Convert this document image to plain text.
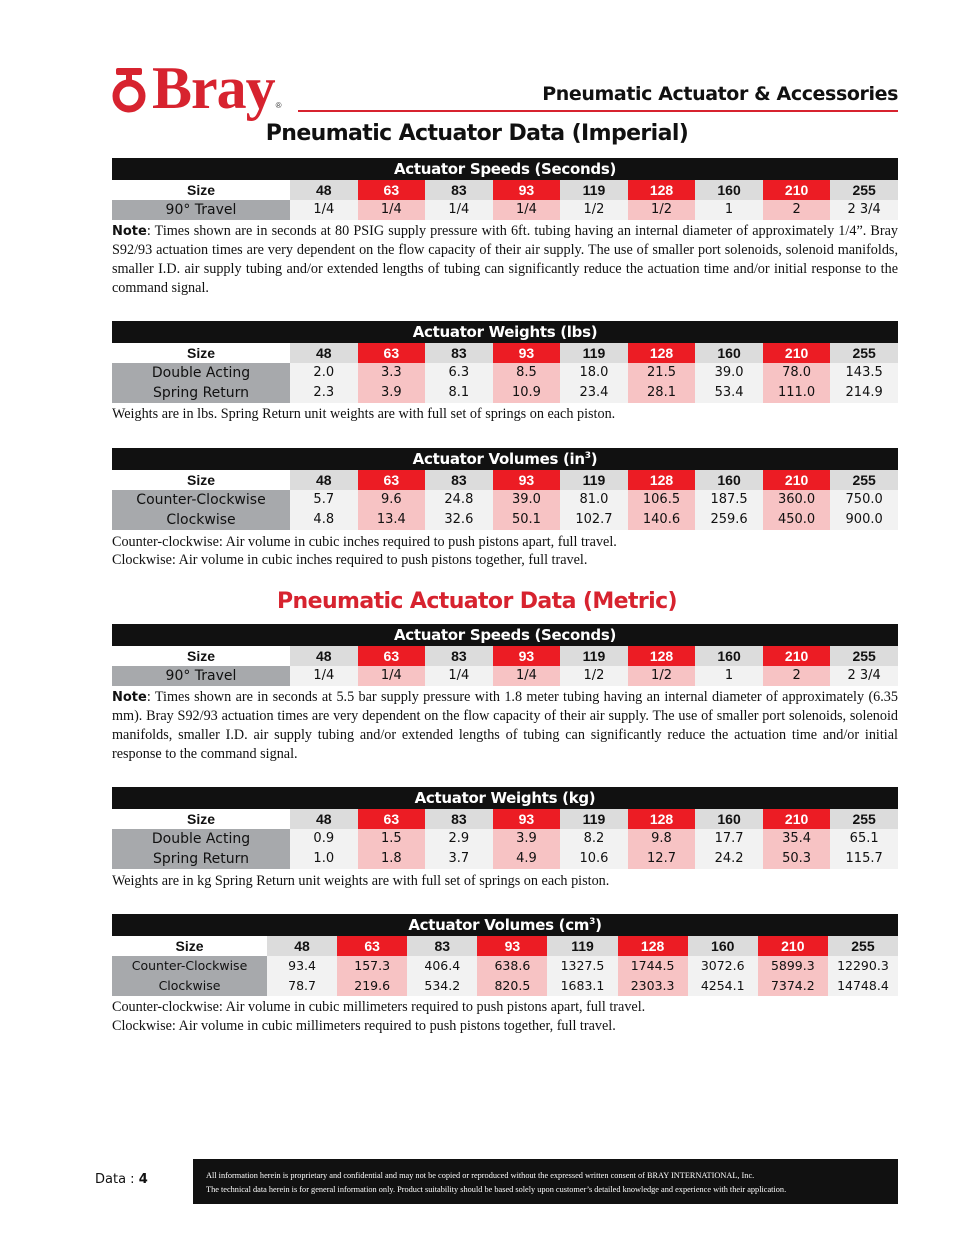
Bray ®
Pneumatic Actuator & Accessories
Pneumatic Actuator Data (Imperial)
Actuator Speeds (Seconds)
Size	48	63	83	93	119	128	160	210	255
90° Travel	1/4	1/4	1/4	1/4	1/2	1/2	1	2	2 3/4
Note: Times shown are in seconds at 80 PSIG supply pressure with 6ft. tubing having an internal diameter of approximately 1/4”. Bray S92/93 actuation times are very dependent on the flow capacity of their air supply. The use of smaller port solenoids, solenoid manifolds, smaller I.D. air supply tubing and/or extended lengths of tubing can significantly reduce the actuation time and/or initial response to the command signal.
Actuator Weights (lbs)
Size	48	63	83	93	119	128	160	210	255
Double Acting	2.0	3.3	6.3	8.5	18.0	21.5	39.0	78.0	143.5
Spring Return	2.3	3.9	8.1	10.9	23.4	28.1	53.4	111.0	214.9
Weights are in lbs. Spring Return unit weights are with full set of springs on each piston.
Actuator Volumes $(in^3)$
Size	48	63	83	93	119	128	160	210	255
Counter-Clockwise	5.7	9.6	24.8	39.0	81.0	106.5	187.5	360.0	750.0
Clockwise	4.8	13.4	32.6	50.1	102.7	140.6	259.6	450.0	900.0
Counter-clockwise: Air volume in cubic inches required to push pistons apart, full travel.
Clockwise: Air volume in cubic inches required to push pistons together, full travel.
Pneumatic Actuator Data (Metric)
Actuator Speeds (Seconds)
Size	48	63	83	93	119	128	160	210	255
90° Travel	1/4	1/4	1/4	1/4	1/2	1/2	1	2	2 3/4
Note: Times shown are in seconds at 5.5 bar supply pressure with 1.8 meter tubing having an internal diameter of approximately (6.35 mm). Bray S92/93 actuation times are very dependent on the flow capacity of their air supply. The use of smaller port solenoids, solenoid manifolds, smaller I.D. air supply tubing and/or extended lengths of tubing can significantly reduce the actuation time and/or initial response to the command signal.
Actuator Weights (kg)
Size	48	63	83	93	119	128	160	210	255
Double Acting	0.9	1.5	2.9	3.9	8.2	9.8	17.7	35.4	65.1
Spring Return	1.0	1.8	3.7	4.9	10.6	12.7	24.2	50.3	115.7
Weights are in kg Spring Return unit weights are with full set of springs on each piston.
Actuator Volumes $(cm^3)$
Size	48	63	83	93	119	128	160	210	255
Counter-Clockwise	93.4	157.3	406.4	638.6	1327.5	1744.5	3072.6	5899.3	12290.3
Clockwise	78.7	219.6	534.2	820.5	1683.1	2303.3	4254.1	7374.2	14748.4
Counter-clockwise: Air volume in cubic millimeters required to push pistons apart, full travel.
Clockwise: Air volume in cubic millimeters required to push pistons together, full travel.
Data : 4	All information herein is proprietary and confidential and may not be copied or reproduced without the expressed written consent of BRAY INTERNATIONAL, Inc.
The technical data herein is for general information only. Product suitability should be based solely upon customer’s detailed knowledge and experience with their application.
